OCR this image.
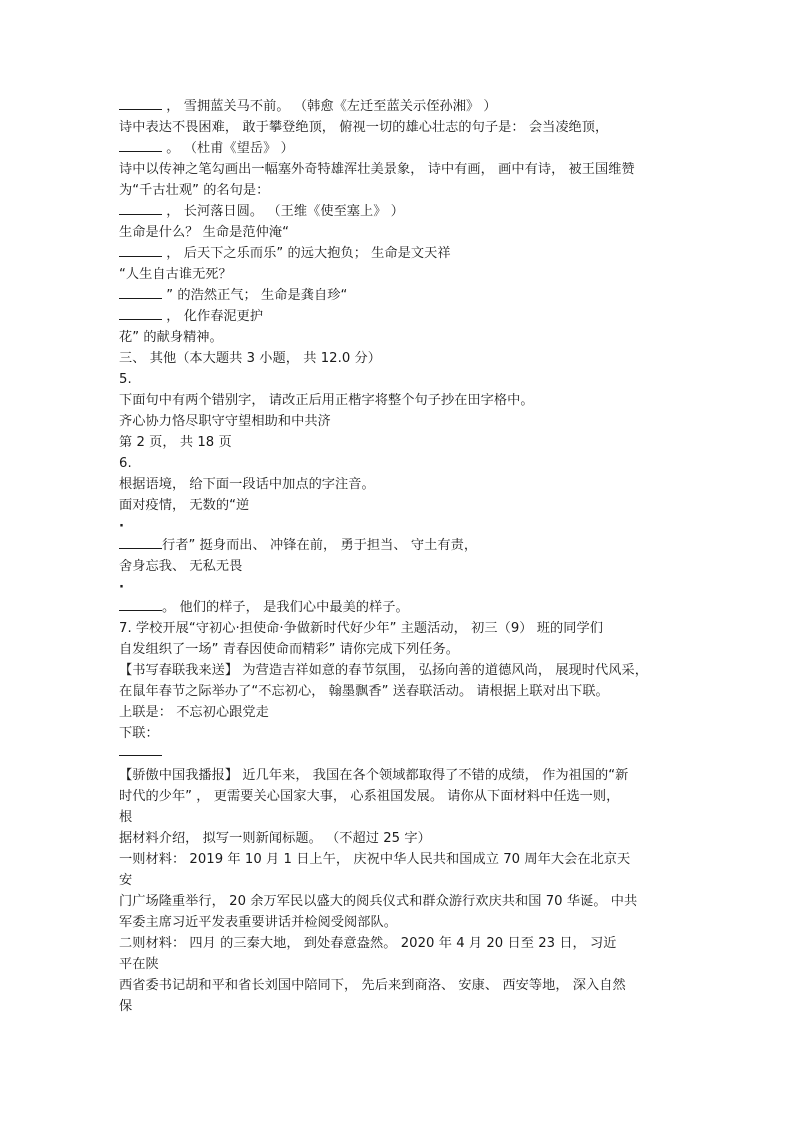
， 雪拥蓝关马不前。 （韩愈《左迁至蓝关示侄孙湘》 ）
诗中表达不畏困难， 敢于攀登绝顶， 俯视一切的雄心壮志的句子是： 会当凌绝顶，
。 （杜甫《望岳》 ）
诗中以传神之笔勾画出一幅塞外奇特雄浑壮美景象， 诗中有画， 画中有诗， 被王国维赞
为“千古壮观” 的名句是：
， 长河落日圆。 （王维《使至塞上》 ）
生命是什么？ 生命是范仲淹“
， 后天下之乐而乐” 的远大抱负； 生命是文天祥
“人生自古谁无死？
” 的浩然正气； 生命是龚自珍“
， 化作春泥更护
花” 的献身精神。
三、 其他（本大题共 3 小题， 共 12.0 分）
5.
下面句中有两个错别字， 请改正后用正楷字将整个句子抄在田字格中。
齐心协力恪尽职守守望相助和中共济
第 2 页， 共 18 页
6.
根据语境， 给下面一段话中加点的字注音。
面对疫情， 无数的“逆
·
行者” 挺身而出、 冲锋在前， 勇于担当、 守土有责，
舍身忘我、 无私无畏
·
。 他们的样子， 是我们心中最美的样子。
7. 学校开展“守初心·担使命·争做新时代好少年” 主题活动， 初三（9） 班的同学们
自发组织了一场” 青春因使命而精彩” 请你完成下列任务。
【书写春联我来送】 为营造吉祥如意的春节氛围， 弘扬向善的道德风尚， 展现时代风采，
在鼠年春节之际举办了“不忘初心， 翰墨飘香” 送春联活动。 请根据上联对出下联。
上联是： 不忘初心跟党走
下联：
【骄傲中国我播报】 近几年来， 我国在各个领域都取得了不错的成绩， 作为祖国的“新
时代的少年” ， 更需要关心国家大事， 心系祖国发展。 请你从下面材料中任选一则，
根
据材料介绍， 拟写一则新闻标题。 （不超过 25 字）
一则材料： 2019 年 10 月 1 日上午， 庆祝中华人民共和国成立 70 周年大会在北京天
安
门广场隆重举行， 20 余万军民以盛大的阅兵仪式和群众游行欢庆共和国 70 华诞。 中共
军委主席习近平发表重要讲话并检阅受阅部队。
二则材料： 四月 的三秦大地， 到处春意盎然。 2020 年 4 月 20 日至 23 日， 习近
平在陕
西省委书记胡和平和省长刘国中陪同下， 先后来到商洛、 安康、 西安等地， 深入自然
保
